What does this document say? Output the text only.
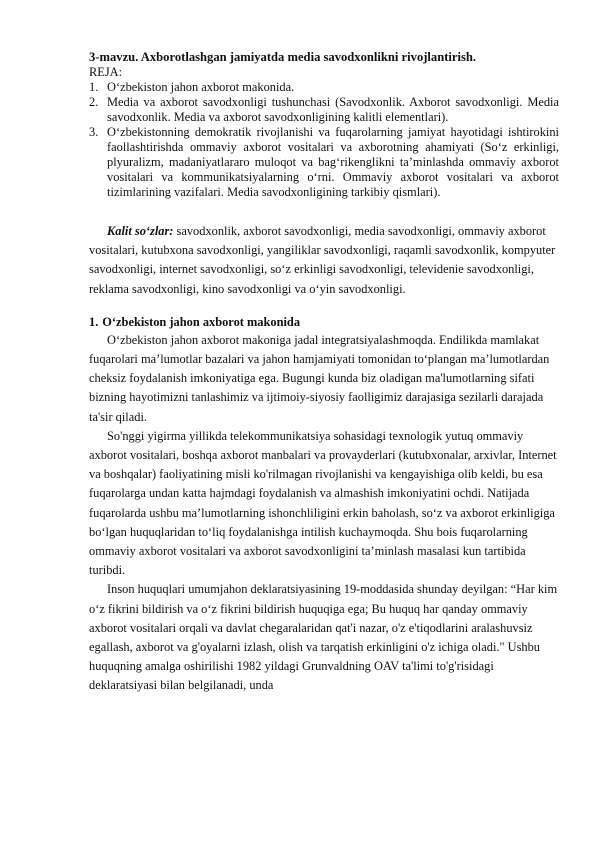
3-mavzu. Axborotlashgan jamiyatda media savodxonlikni rivojlantirish.

REJA:

1. O‘zbekiston jahon axborot makonida.
2. Media va axborot savodxonligi tushunchasi (Savodxonlik. Axborot savodxonligi. Media savodxonlik. Media va axborot savodxonligining kalitli elementlari).
3. O‘zbekistonning demokratik rivojlanishi va fuqarolarning jamiyat hayotidagi ishtirokini faollashtirishda ommaviy axborot vositalari va axborotning ahamiyati (So‘z erkinligi, plyuralizm, madaniyatlararo muloqot va bag‘rikenglikni ta’minlashda ommaviy axborot vositalari va kommunikatsiyalarning o‘rni. Ommaviy axborot vositalari va axborot tizimlarining vazifalari. Media savodxonligining tarkibiy qismlari).

Kalit so‘zlar: savodxonlik, axborot savodxonligi, media savodxonligi, ommaviy axborot vositalari, kutubxona savodxonligi, yangiliklar savodxonligi, raqamli savodxonlik, kompyuter savodxonligi, internet savodxonligi, so‘z erkinligi savodxonligi, televidenie savodxonligi, reklama savodxonligi, kino savodxonligi va o‘yin savodxonligi.

1. O‘zbekiston jahon axborot makonida

O‘zbekiston jahon axborot makoniga jadal integratsiyalashmoqda. Endilikda mamlakat fuqarolari ma’lumotlar bazalari va jahon hamjamiyati tomonidan to‘plangan ma’lumotlardan cheksiz foydalanish imkoniyatiga ega. Bugungi kunda biz oladigan ma'lumotlarning sifati bizning hayotimizni tanlashimiz va ijtimoiy-siyosiy faolligimiz darajasiga sezilarli darajada ta'sir qiladi.

So'nggi yigirma yillikda telekommunikatsiya sohasidagi texnologik yutuq ommaviy axborot vositalari, boshqa axborot manbalari va provayderlari (kutubxonalar, arxivlar, Internet va boshqalar) faoliyatining misli ko'rilmagan rivojlanishi va kengayishiga olib keldi, bu esa fuqarolarga undan katta hajmdagi foydalanish va almashish imkoniyatini ochdi. Natijada fuqarolarda ushbu ma’lumotlarning ishonchliligini erkin baholash, so‘z va axborot erkinligiga bo‘lgan huquqlaridan to‘liq foydalanishga intilish kuchaymoqda. Shu bois fuqarolarning ommaviy axborot vositalari va axborot savodxonligini ta’minlash masalasi kun tartibida turibdi.

Inson huquqlari umumjahon deklaratsiyasining 19-moddasida shunday deyilgan: “Har kim o‘z fikrini bildirish va o‘z fikrini bildirish huquqiga ega; Bu huquq har qanday ommaviy axborot vositalari orqali va davlat chegaralaridan qat'i nazar, o'z e'tiqodlarini aralashuvsiz egallash, axborot va g'oyalarni izlash, olish va tarqatish erkinligini o'z ichiga oladi." Ushbu huquqning amalga oshirilishi 1982 yildagi Grunvaldning OAV ta'limi to'g'risidagi deklaratsiyasi bilan belgilanadi, unda
